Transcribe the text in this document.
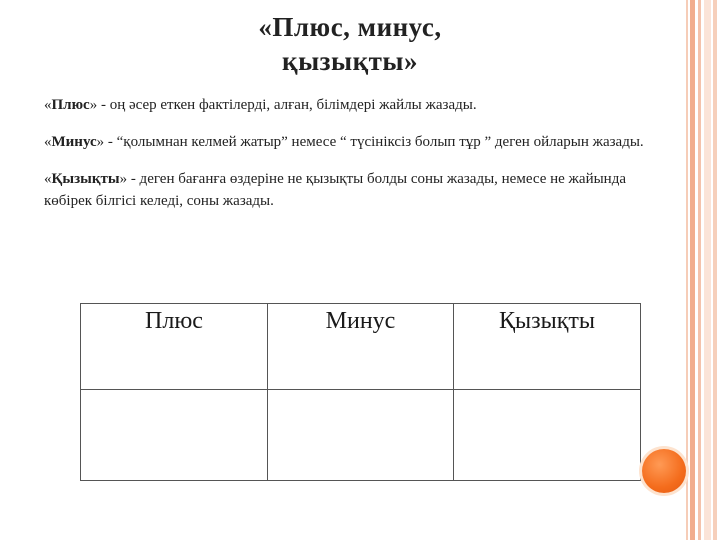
«Плюс, минус,
қызықты»

«Плюс» - оң әсер еткен фактілерді, алған, білімдері жайлы жазады.

«Минус» - “қолымнан келмей жатыр” немесе “ түсініксіз болып тұр ” деген ойларын жазады.

«Қызықты» - деген бағанға өздеріне не қызықты болды соны жазады, немесе не жайында көбірек білгісі келеді, соны жазады.

Плюс	Минус	Қызықты
